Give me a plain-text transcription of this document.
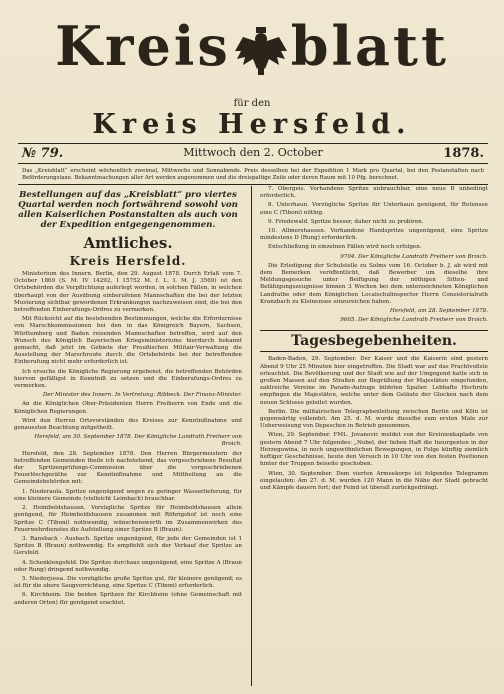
Kreis blatt
für den
Kreis Hersfeld.
№ 79.	Mittwoch den 2. October	1878.
Das „Kreisblatt“ erscheint wöchentlich zweimal, Mittwochs und Sonnabends. Preis desselben bei der Expedition 1 Mark pro Quartal, bei den Postanstalten nach Beförderungstaxe. Bekanntmachungen aller Art werden angenommen und die dreispaltige Zeile oder deren Raum mit 10 Pfg. berechnet.
Bestellungen auf das „Kreisblatt“ pro viertes Quartal werden noch fortwährend sowohl von allen Kaiserlichen Postanstalten als auch von der Expedition entgegengenommen.
Amtliches.
Kreis Hersfeld.

Ministerium des Innern. Berlin, den 29. August 1878. Durch Erlaß vom 7. October 1869 (S. M. IV 14292, I 15752 M. f. L. I. M. J. 3569) ist den Ortsbehörden die Verpflichtung auferlegt worden, in solchen Fällen, in welchen überhaupt von der Ausübung einberufenen Mannschaften die bei der letzten Musterung sichtbar gewordenen Erkrankungen nachzuweisen sind, die bei den betreffenden Einberufungs-Ordres zu vermerken.

Mit Rücksicht auf die bestehenden Bestimmungen, welche die Erfordernisse von Marschkommissionen bei den in das Königreich Bayern, Sachsen, Württemberg und Baden reisenden Mannschaften betreffen, wird auf den Wunsch des Königlich Bayerischen Kriegsministeriums hierdurch bekannt gemacht, daß jetzt im Gebiete der Preußischen Militair-Verwaltung die Ausstellung der Marschroute durch die Ortsbehörde bei der betreffenden Einberufung nicht mehr erforderlich ist.

Ich ersuche die Königliche Regierung ergebenst, die betreffenden Behörden hiervon gefälligst in Kenntniß zu setzen und die Einberufungs-Ordres zu vermerken.

Der Minister des Innern. In Vertretung: Ribbeck. Der Finanz-Minister.

An die Königlichen Ober-Präsidenten Herrn Freiherrn von Ende und die Königlichen Regierungen.

Wird den Herren Ortsvorständen des Kreises zur Kenntnißnahme und genauesten Beachtung mitgetheilt.

Hersfeld, am 30. September 1878. Der Königliche Landrath Freiherr von Broich.

Hersfeld, den 28. September 1878. Den Herren Bürgermeistern der betreffenden Gemeinden theile ich nachstehend, das vorgeschriebene Resultat der Spritzenprüfungs-Commission über die vorgeschriebenen Feuerlöschgeräthe zur Kenntnißnahme und Mittheilung an die Gemeindebehörden mit:

1. Niederaula. Spritze ungenügend wegen zu geringer Wasserlieferung, für eine kleinere Gemeinde (vielleicht Leimbach) brauchbar.

2. Heimboldshausen. Vorzügliche Spritze für Heimboldshausen allein genügend, für Heimboldshausen zusammen mit Röhrigshof ist noch eine Spritze C (Tiboni) nothwendig, wünschenswerth im Zusammenwirken des Feuerwehrdienstes die Aufstellung einer Spritze B (Braun).

3. Ransbach - Ausbach. Spritze ungenügend, für jede der Gemeinden ist 1 Spritze B (Braun) nothwendig. Es empfiehlt sich der Verkauf der Spritze an Gersfeld.

4. Schenklengsfeld. Die Spritze durchaus ungenügend, eine Spritze A (Braun oder Rung) dringend nothwendig.

5. Niederjossa. Die vorzügliche große Spritze gut, für kleinere genügend; es ist für die obere Saugvorrichtung, eine Spritze C (Tiboni) erforderlich.

6. Kirchheim. Die beiden Spritzen für Kirchheim (ohne Gemeinschaft mit anderen Orten) für genügend erachtet.

7. Obergeis. Vorhandene Spritze unbrauchbar, eine neue B unbedingt erforderlich.

8. Unterhaun. Vorzügliche Spritze für Unterhaun genügend, für Rotensee eine C (Tiboni) nöthig.

9. Friedewald. Spritze besser, daher nicht zu probiren.

10. Allmershausen. Vorhandene Handspritze ungenügend, eine Spritze mindestens D (Rung) erforderlich.

Entschließung in einzelnen Fällen wird noch erfolgen.

9704. Der Königliche Landrath Freiherr von Broich.

Die Erledigung der Schulstelle zu Solms vom 16. October b. J. ab wird mit dem Bemerken veröffentlicht, daß Bewerber um dieselbe ihre Meldungsgesuche unter Beifügung der nöthigen Sitten- und Befähigungszeugnisse binnen 3 Wochen bei dem unterzeichneten Königlichen Landrathe oder dem Königlichen Localschulinspector Herrn Consistorialrath Kranzbach zu Kleinensee einzureichen haben.

Hersfeld, am 28. September 1878.

9665. Der Königliche Landrath Freiherr von Broich.

Tagesbegebenheiten.

Baden-Baden, 29. September. Der Kaiser und die Kaiserin sind gestern Abend 9 Uhr 25 Minuten hier eingetroffen. Die Stadt war auf das Prachtvollste erleuchtet. Die Bevölkerung und der Stadt wie auf der Umgegend hatte sich in großen Massen auf den Straßen zur Begrüßung der Majestäten eingefunden, zahlreiche Vereine im Parade-Aufzuge bildeten Spalier. Lebhafte Hochrufe empfingen die Majestäten, welche unter dem Geläute der Glocken nach dem neuen Schlosse geleitet wurden.

Berlin. Die militairischen Telegraphenleitung zwischen Berlin und Köln ist gegenwärtig vollendet. Am 25. d. M. wurde dieselbe zum ersten Male zur Ueberweisung von Depeschen in Betrieb genommen.

Wien, 29. September. FML. Jovanovic meldet von der Kreinienkaplade von gestern Abend 7 Uhr folgendes: „Nobel, der lieben Haft die Insurgenten in der Herzegowina, in noch ungewöhnlichen Bewegungen, in Folge künftig ziemlich heftiger Geschehnisse, heute den Versuch in 10 Uhr von den festen Positionen hinter der Truppen beiseite geschoben.

Wien, 30. September. Dem vierten Armeekorps ist folgendes Telegramm eingelaufen: Am 27. d. M. wurden 120 Mann in die Nähe der Stadt gebracht und Kämpfe dauern fort; der Feind ist überall zurückgedrängt.
